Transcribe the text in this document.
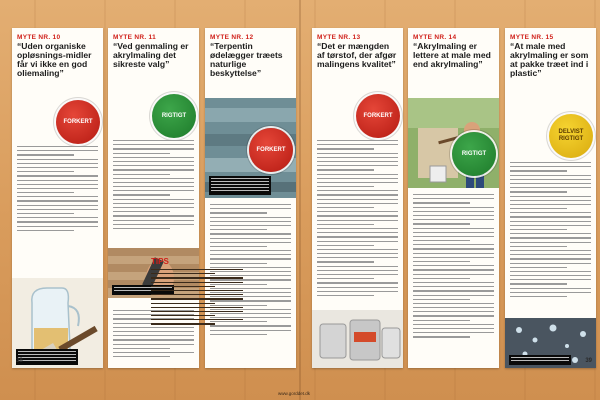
MYTE NR. 10
“Uden organiske opløsnings-midler får vi ikke en god oliemaling”
FORKERT
38
MYTE NR. 11
“Ved genmaling er akrylmaling det sikreste valg”
RIGTIGT
MYTE NR. 12
“Terpentin ødelægger træets naturlige beskyttelse”
FORKERT
MYTE NR. 13
“Det er mængden af tørstof, der afgør malingens kvalitet”
FORKERT
MYTE NR. 14
“Akrylmaling er lettere at male med end akrylmaling”
RIGTIGT
MYTE NR. 15
“At male med akrylmaling er som at pakke træet ind i plastic”
DELVIST RIGTIGT
39
TIPS
www.gorddet.dk
